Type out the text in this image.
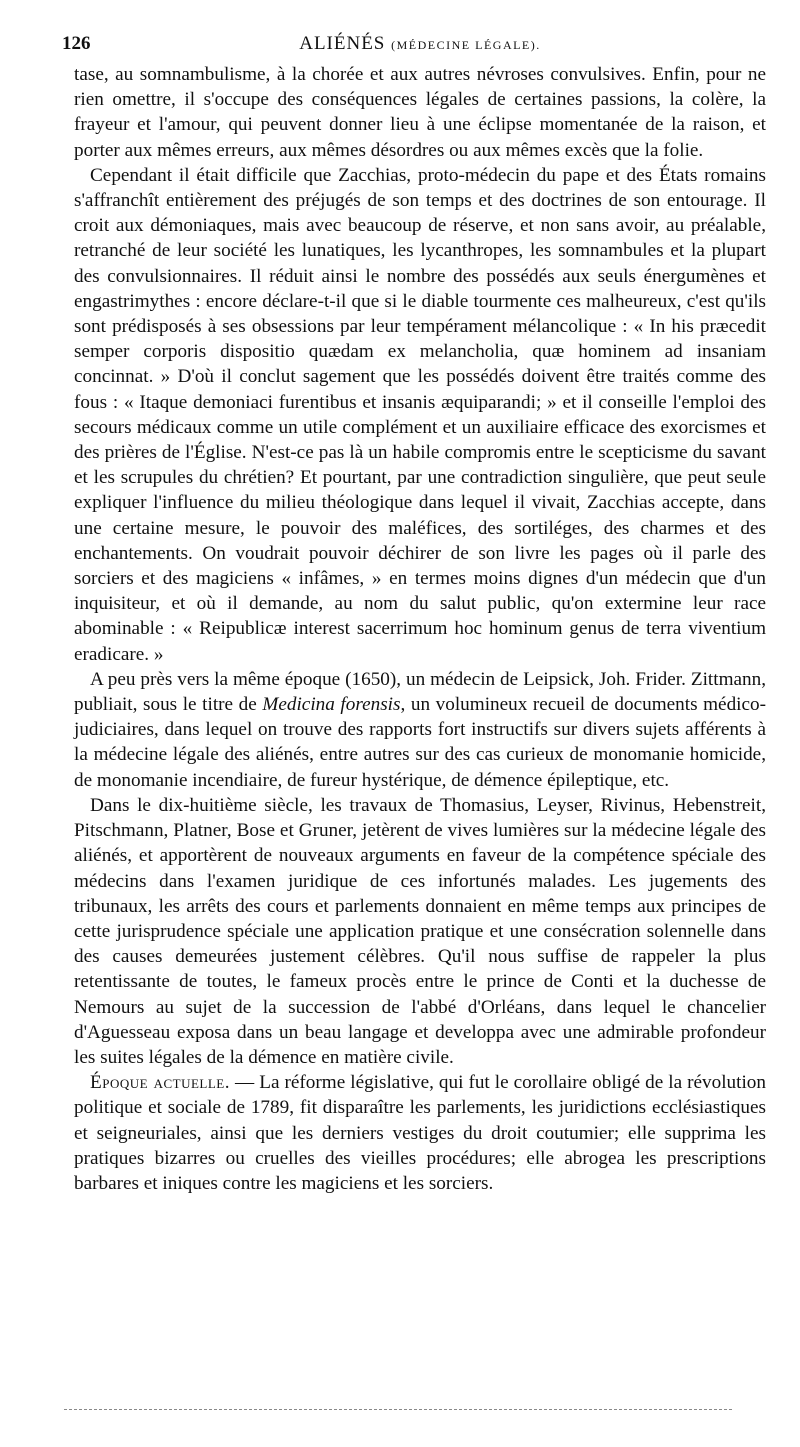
126	ALIÉNÉS (MÉDECINE LÉGALE).

tase, au somnambulisme, à la chorée et aux autres névroses convulsives. Enfin, pour ne rien omettre, il s'occupe des conséquences légales de certaines passions, la colère, la frayeur et l'amour, qui peuvent donner lieu à une éclipse momentanée de la raison, et porter aux mêmes erreurs, aux mêmes désordres ou aux mêmes excès que la folie.

Cependant il était difficile que Zacchias, proto-médecin du pape et des États romains s'affranchît entièrement des préjugés de son temps et des doctrines de son entourage. Il croit aux démoniaques, mais avec beaucoup de réserve, et non sans avoir, au préalable, retranché de leur société les lunatiques, les lycanthropes, les somnambules et la plupart des convulsionnaires. Il réduit ainsi le nombre des possédés aux seuls énergumènes et engastrimythes : encore déclare-t-il que si le diable tourmente ces malheureux, c'est qu'ils sont prédisposés à ses obsessions par leur tempérament mélancolique : « In his præcedit semper corporis dispositio quædam ex melancholia, quæ hominem ad insaniam concinnat. » D'où il conclut sagement que les possédés doivent être traités comme des fous : « Itaque demoniaci furentibus et insanis æquiparandi; » et il conseille l'emploi des secours médicaux comme un utile complément et un auxiliaire efficace des exorcismes et des prières de l'Église. N'est-ce pas là un habile compromis entre le scepticisme du savant et les scrupules du chrétien? Et pourtant, par une contradiction singulière, que peut seule expliquer l'influence du milieu théologique dans lequel il vivait, Zacchias accepte, dans une certaine mesure, le pouvoir des maléfices, des sortiléges, des charmes et des enchantements. On voudrait pouvoir déchirer de son livre les pages où il parle des sorciers et des magiciens « infâmes, » en termes moins dignes d'un médecin que d'un inquisiteur, et où il demande, au nom du salut public, qu'on extermine leur race abominable : « Reipublicæ interest sacerrimum hoc hominum genus de terra viventium eradicare. »

A peu près vers la même époque (1650), un médecin de Leipsick, Joh. Frider. Zittmann, publiait, sous le titre de Medicina forensis, un volumineux recueil de documents médico-judiciaires, dans lequel on trouve des rapports fort instructifs sur divers sujets afférents à la médecine légale des aliénés, entre autres sur des cas curieux de monomanie homicide, de monomanie incendiaire, de fureur hystérique, de démence épileptique, etc.

Dans le dix-huitième siècle, les travaux de Thomasius, Leyser, Rivinus, Hebenstreit, Pitschmann, Platner, Bose et Gruner, jetèrent de vives lumières sur la médecine légale des aliénés, et apportèrent de nouveaux arguments en faveur de la compétence spéciale des médecins dans l'examen juridique de ces infortunés malades. Les jugements des tribunaux, les arrêts des cours et parlements donnaient en même temps aux principes de cette jurisprudence spéciale une application pratique et une consécration solennelle dans des causes demeurées justement célèbres. Qu'il nous suffise de rappeler la plus retentissante de toutes, le fameux procès entre le prince de Conti et la duchesse de Nemours au sujet de la succession de l'abbé d'Orléans, dans lequel le chancelier d'Aguesseau exposa dans un beau langage et developpa avec une admirable profondeur les suites légales de la démence en matière civile.

Époque actuelle. — La réforme législative, qui fut le corollaire obligé de la révolution politique et sociale de 1789, fit disparaître les parlements, les juridictions ecclésiastiques et seigneuriales, ainsi que les derniers vestiges du droit coutumier; elle supprima les pratiques bizarres ou cruelles des vieilles procédures; elle abrogea les prescriptions barbares et iniques contre les magiciens et les sorciers.
